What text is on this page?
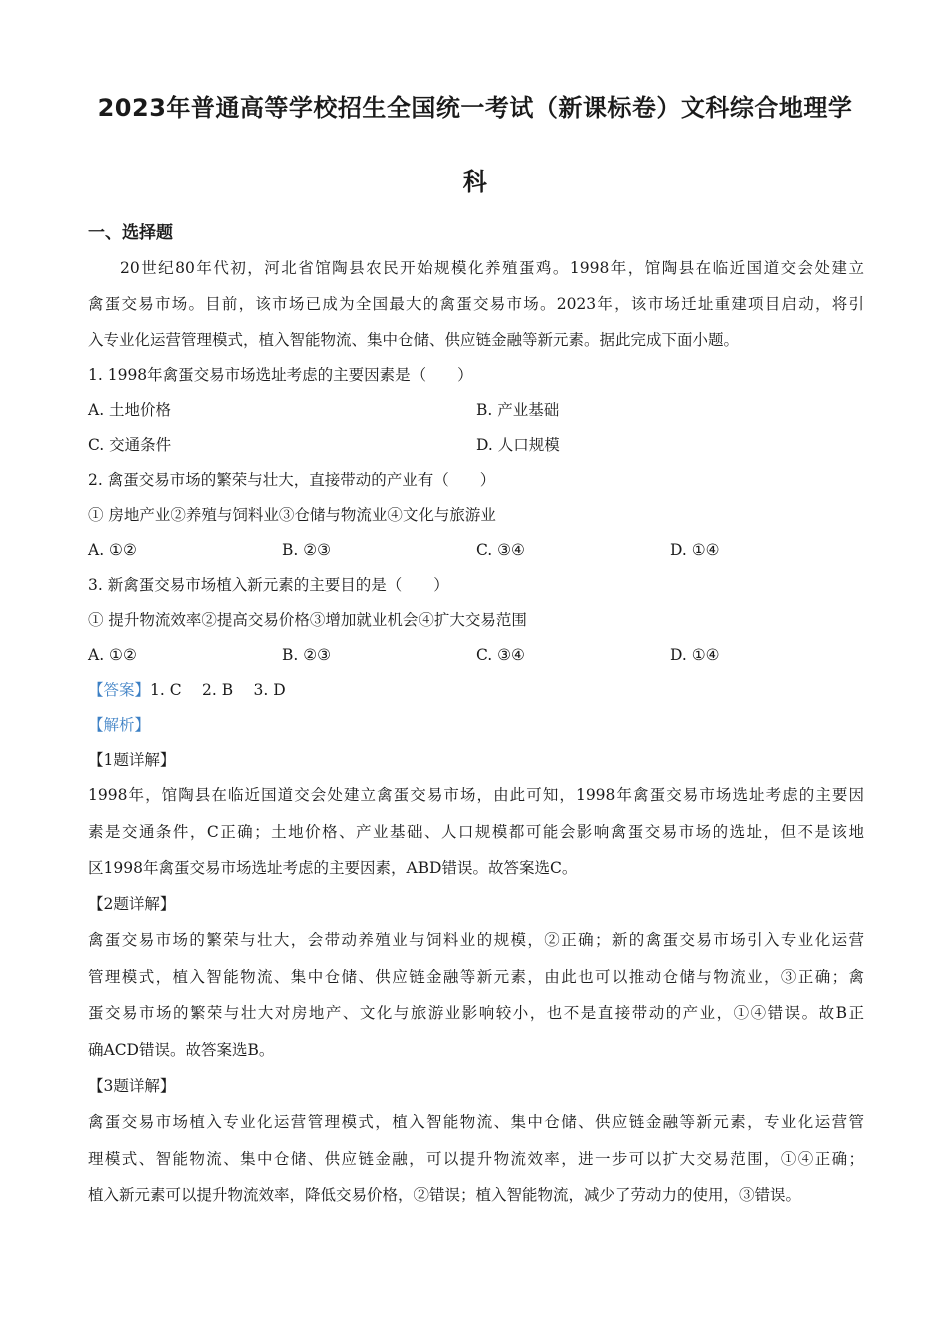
2023年普通高等学校招生全国统一考试（新课标卷）文科综合地理学
科
一、选择题
20世纪80年代初，河北省馆陶县农民开始规模化养殖蛋鸡。1998年，馆陶县在临近国道交会处建立
禽蛋交易市场。目前，该市场已成为全国最大的禽蛋交易市场。2023年，该市场迁址重建项目启动，将引
入专业化运营管理模式，植入智能物流、集中仓储、供应链金融等新元素。据此完成下面小题。
1. 1998年禽蛋交易市场选址考虑的主要因素是（　　）
A. 土地价格	B. 产业基础
C. 交通条件	D. 人口规模
2. 禽蛋交易市场的繁荣与壮大，直接带动的产业有（　　）
① 房地产业②养殖与饲料业③仓储与物流业④文化与旅游业
A. ①②	B. ②③	C. ③④	D. ①④
3. 新禽蛋交易市场植入新元素的主要目的是（　　）
① 提升物流效率②提高交易价格③增加就业机会④扩大交易范围
A. ①②	B. ②③	C. ③④	D. ①④
【答案】1. C　 2. B　 3. D
【解析】
【1题详解】
1998年，馆陶县在临近国道交会处建立禽蛋交易市场，由此可知，1998年禽蛋交易市场选址考虑的主要因
素是交通条件，C正确；土地价格、产业基础、人口规模都可能会影响禽蛋交易市场的选址，但不是该地
区1998年禽蛋交易市场选址考虑的主要因素，ABD错误。故答案选C。
【2题详解】
禽蛋交易市场的繁荣与壮大，会带动养殖业与饲料业的规模，②正确；新的禽蛋交易市场引入专业化运营
管理模式，植入智能物流、集中仓储、供应链金融等新元素，由此也可以推动仓储与物流业，③正确；禽
蛋交易市场的繁荣与壮大对房地产、文化与旅游业影响较小，也不是直接带动的产业，①④错误。故B正
确ACD错误。故答案选B。
【3题详解】
禽蛋交易市场植入专业化运营管理模式，植入智能物流、集中仓储、供应链金融等新元素，专业化运营管
理模式、智能物流、集中仓储、供应链金融，可以提升物流效率，进一步可以扩大交易范围，①④正确；
植入新元素可以提升物流效率，降低交易价格，②错误；植入智能物流，减少了劳动力的使用，③错误。
